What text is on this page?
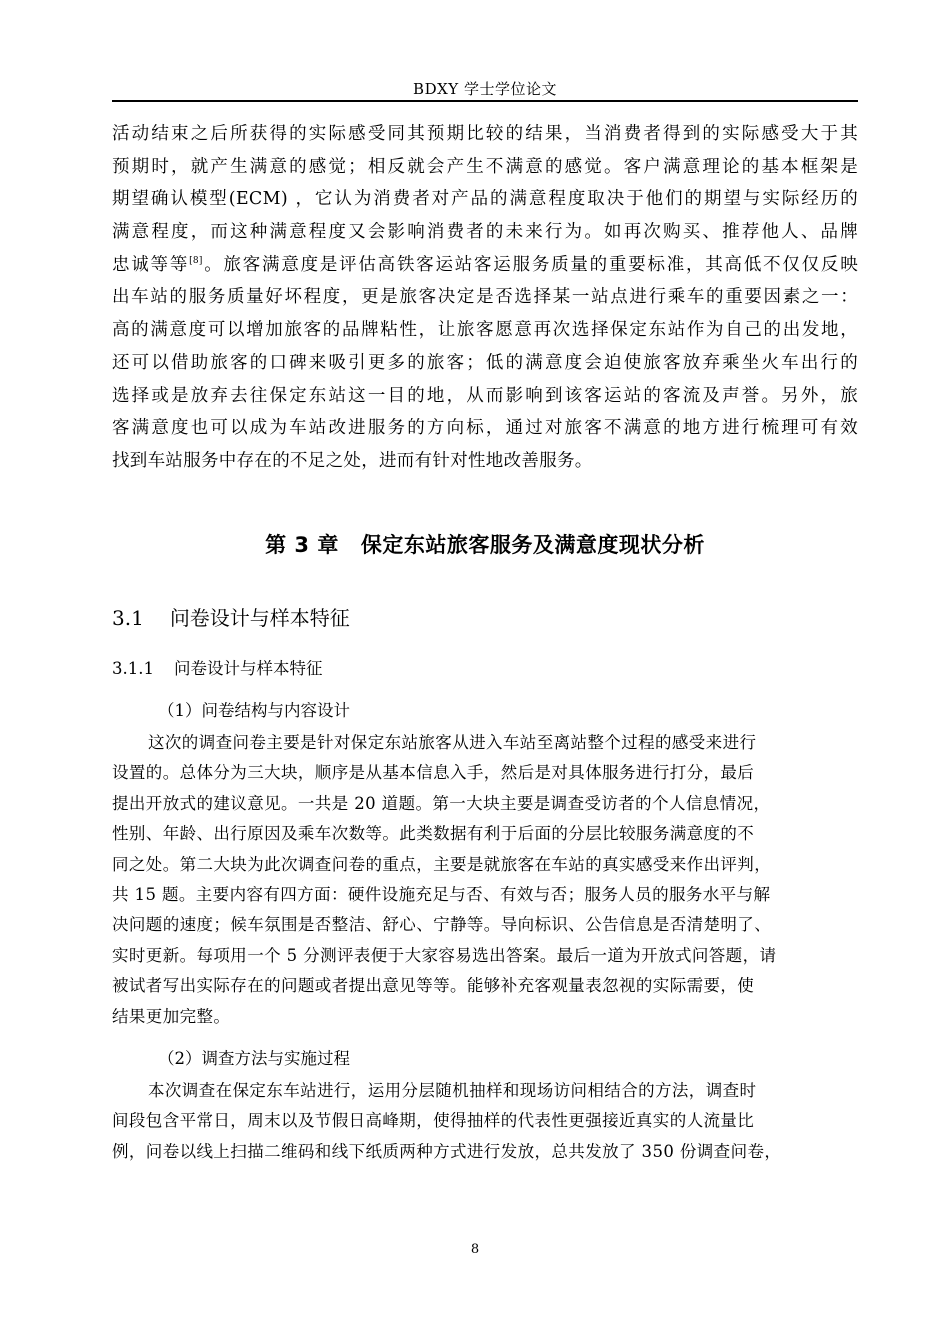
BDXY 学士学位论文
活动结束之后所获得的实际感受同其预期比较的结果，当消费者得到的实际感受大于其
预期时，就产生满意的感觉；相反就会产生不满意的感觉。客户满意理论的基本框架是
期望确认模型(ECM) ，它认为消费者对产品的满意程度取决于他们的期望与实际经历的
满意程度，而这种满意程度又会影响消费者的未来行为。如再次购买、推荐他人、品牌
忠诚等等[8]。旅客满意度是评估高铁客运站客运服务质量的重要标准，其高低不仅仅反映
出车站的服务质量好坏程度，更是旅客决定是否选择某一站点进行乘车的重要因素之一：
高的满意度可以增加旅客的品牌粘性，让旅客愿意再次选择保定东站作为自己的出发地，
还可以借助旅客的口碑来吸引更多的旅客；低的满意度会迫使旅客放弃乘坐火车出行的
选择或是放弃去往保定东站这一目的地，从而影响到该客运站的客流及声誉。另外，旅
客满意度也可以成为车站改进服务的方向标，通过对旅客不满意的地方进行梳理可有效
找到车站服务中存在的不足之处，进而有针对性地改善服务。
第 3 章 保定东站旅客服务及满意度现状分析
3.1 问卷设计与样本特征
3.1.1 问卷设计与样本特征
（1）问卷结构与内容设计
这次的调查问卷主要是针对保定东站旅客从进入车站至离站整个过程的感受来进行
设置的。总体分为三大块，顺序是从基本信息入手，然后是对具体服务进行打分，最后
提出开放式的建议意见。一共是 20 道题。第一大块主要是调查受访者的个人信息情况，
性别、年龄、出行原因及乘车次数等。此类数据有利于后面的分层比较服务满意度的不
同之处。第二大块为此次调查问卷的重点，主要是就旅客在车站的真实感受来作出评判，
共 15 题。主要内容有四方面：硬件设施充足与否、有效与否；服务人员的服务水平与解
决问题的速度；候车氛围是否整洁、舒心、宁静等。导向标识、公告信息是否清楚明了、
实时更新。每项用一个 5 分测评表便于大家容易选出答案。最后一道为开放式问答题，请
被试者写出实际存在的问题或者提出意见等等。能够补充客观量表忽视的实际需要，使
结果更加完整。
（2）调查方法与实施过程
本次调查在保定东车站进行，运用分层随机抽样和现场访问相结合的方法，调查时
间段包含平常日，周末以及节假日高峰期，使得抽样的代表性更强接近真实的人流量比
例，问卷以线上扫描二维码和线下纸质两种方式进行发放，总共发放了 350 份调查问卷，
8
